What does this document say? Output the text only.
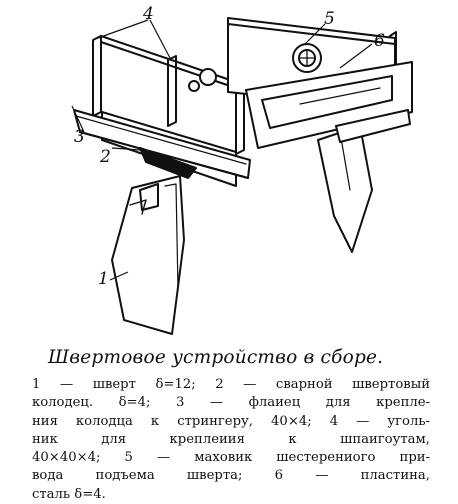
4	5
6
3
2
1
Швертовое устройство в сборе.
1 — шверт δ=12; 2 — сварной швертовый
колодец. δ=4; 3 — флаиец для крепле-
ния колодца к стрингеру, 40×4; 4 — уголь-
ник для креплеиия к шпаигоутам,
40×40×4; 5 — маховик шестерениого при-
вода подъема шверта; 6 — пластина,
сталь δ=4.
